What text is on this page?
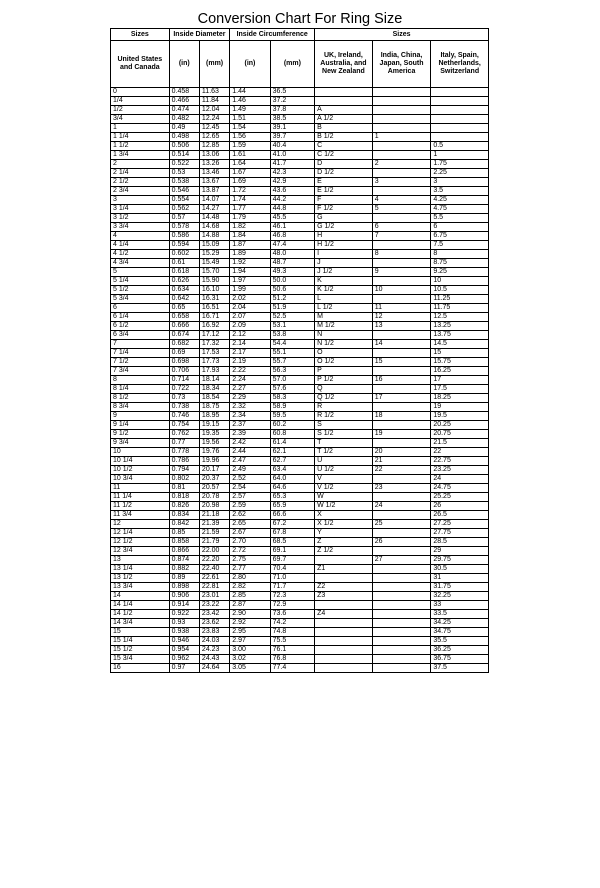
Conversion Chart For Ring Size
Sizes	Inside Diameter		Inside Circumference		Sizes		
United States and Canada	(in)	(mm)	(in)	(mm)	UK, Ireland, Australia, and New Zealand	India, China, Japan, South America	Italy, Spain, Netherlands, Switzerland
0	0.458	11.63	1.44	36.5			
1/4	0.466	11.84	1.46	37.2			
1/2	0.474	12.04	1.49	37.8	A		
3/4	0.482	12.24	1.51	38.5	A 1/2		
1	0.49	12.45	1.54	39.1	B		
1 1/4	0.498	12.65	1.56	39.7	B 1/2	1	
1 1/2	0.506	12.85	1.59	40.4	C		0.5
1 3/4	0.514	13.06	1.61	41.0	C 1/2		1
2	0.522	13.26	1.64	41.7	D	2	1.75
2 1/4	0.53	13.46	1.67	42.3	D 1/2		2.25
2 1/2	0.538	13.67	1.69	42.9	E	3	3
2 3/4	0.546	13.87	1.72	43.6	E 1/2		3.5
3	0.554	14.07	1.74	44.2	F	4	4.25
3 1/4	0.562	14.27	1.77	44.8	F 1/2	5	4.75
3 1/2	0.57	14.48	1.79	45.5	G		5.5
3 3/4	0.578	14.68	1.82	46.1	G 1/2	6	6
4	0.586	14.88	1.84	46.8	H	7	6.75
4 1/4	0.594	15.09	1.87	47.4	H 1/2		7.5
4 1/2	0.602	15.29	1.89	48.0	I	8	8
4 3/4	0.61	15.49	1.92	48.7	J		8.75
5	0.618	15.70	1.94	49.3	J 1/2	9	9.25
5 1/4	0.626	15.90	1.97	50.0	K		10
5 1/2	0.634	16.10	1.99	50.6	K 1/2	10	10.5
5 3/4	0.642	16.31	2.02	51.2	L		11.25
6	0.65	16.51	2.04	51.9	L 1/2	11	11.75
6 1/4	0.658	16.71	2.07	52.5	M	12	12.5
6 1/2	0.666	16.92	2.09	53.1	M 1/2	13	13.25
6 3/4	0.674	17.12	2.12	53.8	N		13.75
7	0.682	17.32	2.14	54.4	N 1/2	14	14.5
7 1/4	0.69	17.53	2.17	55.1	O		15
7 1/2	0.698	17.73	2.19	55.7	O 1/2	15	15.75
7 3/4	0.706	17.93	2.22	56.3	P		16.25
8	0.714	18.14	2.24	57.0	P 1/2	16	17
8 1/4	0.722	18.34	2.27	57.6	Q		17.5
8 1/2	0.73	18.54	2.29	58.3	Q 1/2	17	18.25
8 3/4	0.738	18.75	2.32	58.9	R		19
9	0.746	18.95	2.34	59.5	R 1/2	18	19.5
9 1/4	0.754	19.15	2.37	60.2	S		20.25
9 1/2	0.762	19.35	2.39	60.8	S 1/2	19	20.75
9 3/4	0.77	19.56	2.42	61.4	T		21.5
10	0.778	19.76	2.44	62.1	T 1/2	20	22
10 1/4	0.786	19.96	2.47	62.7	U	21	22.75
10 1/2	0.794	20.17	2.49	63.4	U 1/2	22	23.25
10 3/4	0.802	20.37	2.52	64.0	V		24
11	0.81	20.57	2.54	64.6	V 1/2	23	24.75
11 1/4	0.818	20.78	2.57	65.3	W		25.25
11 1/2	0.826	20.98	2.59	65.9	W 1/2	24	26
11 3/4	0.834	21.18	2.62	66.6	X		26.5
12	0.842	21.39	2.65	67.2	X 1/2	25	27.25
12 1/4	0.85	21.59	2.67	67.8	Y		27.75
12 1/2	0.858	21.79	2.70	68.5	Z	26	28.5
12 3/4	0.866	22.00	2.72	69.1	Z 1/2		29
13	0.874	22.20	2.75	69.7		27	29.75
13 1/4	0.882	22.40	2.77	70.4	Z1		30.5
13 1/2	0.89	22.61	2.80	71.0			31
13 3/4	0.898	22.81	2.82	71.7	Z2		31.75
14	0.906	23.01	2.85	72.3	Z3		32.25
14 1/4	0.914	23.22	2.87	72.9			33
14 1/2	0.922	23.42	2.90	73.6	Z4		33.5
14 3/4	0.93	23.62	2.92	74.2			34.25
15	0.938	23.83	2.95	74.8			34.75
15 1/4	0.946	24.03	2.97	75.5			35.5
15 1/2	0.954	24.23	3.00	76.1			36.25
15 3/4	0.962	24.43	3.02	76.8			36.75
16	0.97	24.64	3.05	77.4			37.5
